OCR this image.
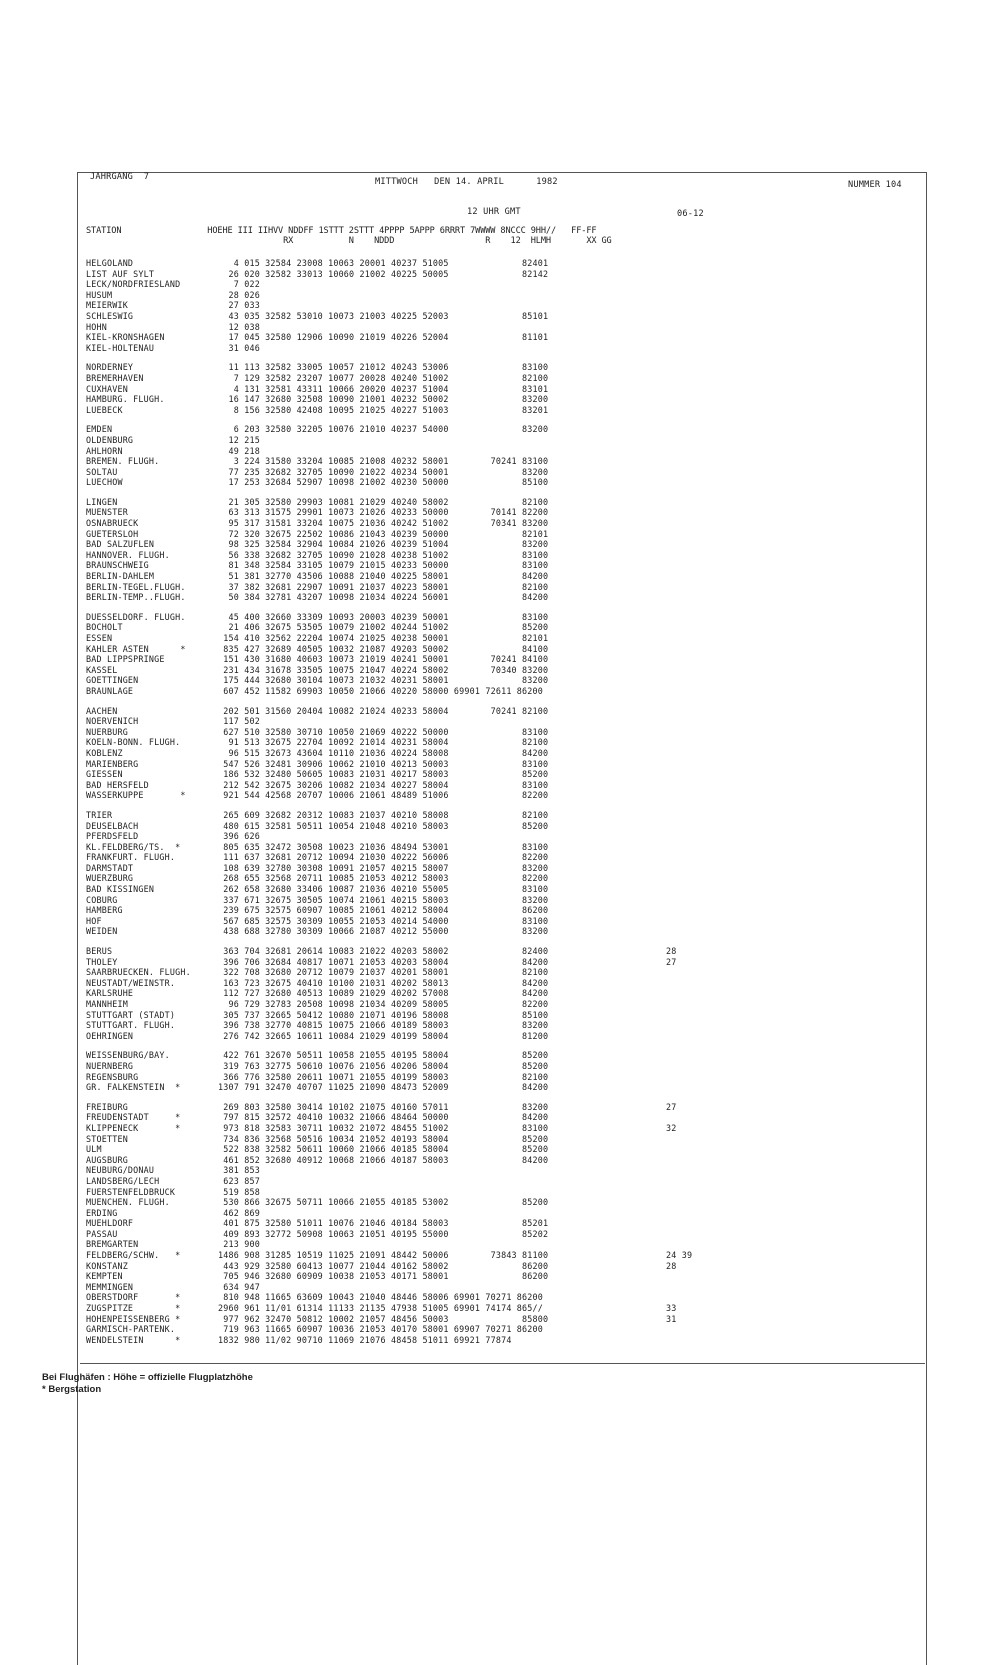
JAHRGANG  7	MITTWOCH   DEN 14. APRIL      1982	NUMMER 104
12 UHR GMT	06-12
STATION                 HOEHE III IIHVV NDDFF 1STTT 2STTT 4PPPP 5APPP 6RRRT 7WWWW 8NCCC 9HH//   FF-FF
RX           N    NDDD                  R    12  HLMH       XX GG
HELGOLAND	4 015 32584 23008 10063 20001 40237 51005              82401
LIST AUF SYLT	26 020 32582 33013 10060 21002 40225 50005              82142
LECK/NORDFRIESLAND	7 022
HUSUM	28 026
MEIERWIK	27 033
SCHLESWIG	43 035 32582 53010 10073 21003 40225 52003              85101
HOHN	12 038
KIEL-KRONSHAGEN	17 045 32580 12906 10090 21019 40226 52004              81101
KIEL-HOLTENAU	31 046
NORDERNEY	11 113 32582 33005 10057 21012 40243 53006              83100
BREMERHAVEN	7 129 32582 23207 10077 20028 40240 51002              82100
CUXHAVEN	4 131 32581 43311 10066 20020 40237 51004              83101
HAMBURG. FLUGH.	16 147 32680 32508 10090 21001 40232 50002              83200
LUEBECK	8 156 32580 42408 10095 21025 40227 51003              83201
EMDEN	6 203 32580 32205 10076 21010 40237 54000              83200
OLDENBURG	12 215
AHLHORN	49 218
BREMEN. FLUGH.	3 224 31580 33204 10085 21008 40232 58001        70241 83100
SOLTAU	77 235 32682 32705 10090 21022 40234 50001              83200
LUECHOW	17 253 32684 52907 10098 21002 40230 50000              85100
LINGEN	21 305 32580 29903 10081 21029 40240 58002              82100
MUENSTER	63 313 31575 29901 10073 21026 40233 50000        70141 82200
OSNABRUECK	95 317 31581 33204 10075 21036 40242 51002        70341 83200
GUETERSLOH	72 320 32675 22502 10086 21043 40239 50000              82101
BAD SALZUFLEN	98 325 32584 32904 10084 21026 40239 51004              83200
HANNOVER. FLUGH.	56 338 32682 32705 10090 21028 40238 51002              83100
BRAUNSCHWEIG	81 348 32584 33105 10079 21015 40233 50000              83100
BERLIN-DAHLEM	51 381 32770 43506 10088 21040 40225 58001              84200
BERLIN-TEGEL.FLUGH.	37 382 32681 22907 10091 21037 40223 58001              82100
BERLIN-TEMP..FLUGH.	50 384 32781 43207 10098 21034 40224 56001              84200
DUESSELDORF. FLUGH.	45 400 32660 33309 10093 20003 40239 50001              83100
BOCHOLT	21 406 32675 53505 10079 21002 40244 51002              85200
ESSEN	154 410 32562 22204 10074 21025 40238 50001              82101
KAHLER ASTEN      *	835 427 32689 40505 10032 21087 49203 50002              84100
BAD LIPPSPRINGE	151 430 31680 40603 10073 21019 40241 50001        70241 84100
KASSEL	231 434 31678 33505 10075 21047 40224 58002        70340 83200
GOETTINGEN	175 444 32680 30104 10073 21032 40231 58001              83200
BRAUNLAGE	607 452 11582 69903 10050 21066 40220 58000 69901 72611 86200
AACHEN	202 501 31560 20404 10082 21024 40233 58004        70241 82100
NOERVENICH	117 502
NUERBURG	627 510 32580 30710 10050 21069 40222 50000              83100
KOELN-BONN. FLUGH.	91 513 32675 22704 10092 21014 40231 58004              82100
KOBLENZ	96 515 32673 43604 10110 21036 40224 58008              84200
MARIENBERG	547 526 32481 30906 10062 21010 40213 50003              83100
GIESSEN	186 532 32480 50605 10083 21031 40217 58003              85200
BAD HERSFELD	212 542 32675 30206 10082 21034 40227 58004              83100
WASSERKUPPE       *	921 544 42568 20707 10006 21061 48489 51006              82200
TRIER	265 609 32682 20312 10083 21037 40210 58008              82100
DEUSELBACH	480 615 32581 50511 10054 21048 40210 58003              85200
PFERDSFELD	396 626
KL.FELDBERG/TS.  *	805 635 32472 30508 10023 21036 48494 53001              83100
FRANKFURT. FLUGH.	111 637 32681 20712 10094 21030 40222 56006              82200
DARMSTADT	108 639 32780 30308 10091 21057 40215 58007              83200
WUERZBURG	268 655 32568 20711 10085 21053 40212 58003              82200
BAD KISSINGEN	262 658 32680 33406 10087 21036 40210 55005              83100
COBURG	337 671 32675 30505 10074 21061 40215 58003              83200
HAMBERG	239 675 32575 60907 10085 21061 40212 58004              86200
HOF	567 685 32575 30309 10055 21053 40214 54000              83100
WEIDEN	438 688 32780 30309 10066 21087 40212 55000              83200
BERUS	363 704 32681 20614 10083 21022 40203 58002              82400	28
THOLEY	396 706 32684 40817 10071 21053 40203 58004              84200	27
SAARBRUECKEN. FLUGH.	322 708 32680 20712 10079 21037 40201 58001              82100
NEUSTADT/WEINSTR.	163 723 32675 40410 10100 21031 40202 58013              84200
KARLSRUHE	112 727 32680 40513 10089 21029 40202 57008              84200
MANNHEIM	96 729 32783 20508 10098 21034 40209 58005              82200
STUTTGART (STADT)	305 737 32665 50412 10080 21071 40196 58008              85100
STUTTGART. FLUGH.	396 738 32770 40815 10075 21066 40189 58003              83200
OEHRINGEN	276 742 32665 10611 10084 21029 40199 58004              81200
WEISSENBURG/BAY.	422 761 32670 50511 10058 21055 40195 58004              85200
NUERNBERG	319 763 32775 50610 10076 21056 40206 58004              85200
REGENSBURG	366 776 32580 20611 10071 21055 40199 58003              82100
GR. FALKENSTEIN  *	1307 791 32470 40707 11025 21090 48473 52009              84200
FREIBURG	269 803 32580 30414 10102 21075 40160 57011              83200	27
FREUDENSTADT     *	797 815 32572 40410 10032 21066 48464 50000              84200
KLIPPENECK       *	973 818 32583 30711 10032 21072 48455 51002              83100	32
STOETTEN	734 836 32568 50516 10034 21052 40193 58004              85200
ULM	522 838 32582 50611 10060 21066 40185 58004              85200
AUGSBURG	461 852 32680 40912 10068 21066 40187 58003              84200
NEUBURG/DONAU	381 853
LANDSBERG/LECH	623 857
FUERSTENFELDBRUCK	519 858
MUENCHEN. FLUGH.	530 866 32675 50711 10066 21055 40185 53002              85200
ERDING	462 869
MUEHLDORF	401 875 32580 51011 10076 21046 40184 58003              85201
PASSAU	409 893 32772 50908 10063 21051 40195 55000              85202
BREMGARTEN	213 900
FELDBERG/SCHW.   *	1486 908 31285 10519 11025 21091 48442 50006        73843 81100	24 39
KONSTANZ	443 929 32580 60413 10077 21044 40162 58002              86200	28
KEMPTEN	705 946 32680 60909 10038 21053 40171 58001              86200
MEMMINGEN	634 947
OBERSTDORF       *	810 948 11665 63609 10043 21040 48446 58006 69901 70271 86200
ZUGSPITZE        *	2960 961 11/01 61314 11133 21135 47938 51005 69901 74174 865//	33
HOHENPEISSENBERG *	977 962 32470 50812 10002 21057 48456 50003              85800	31
GARMISCH-PARTENK.	719 963 11665 60907 10036 21053 40170 58001 69907 70271 86200
WENDELSTEIN      *	1832 980 11/02 90710 11069 21076 48458 51011 69921 77874
Bei Flughäfen : Höhe = offizielle Flugplatzhöhe
* Bergstation
